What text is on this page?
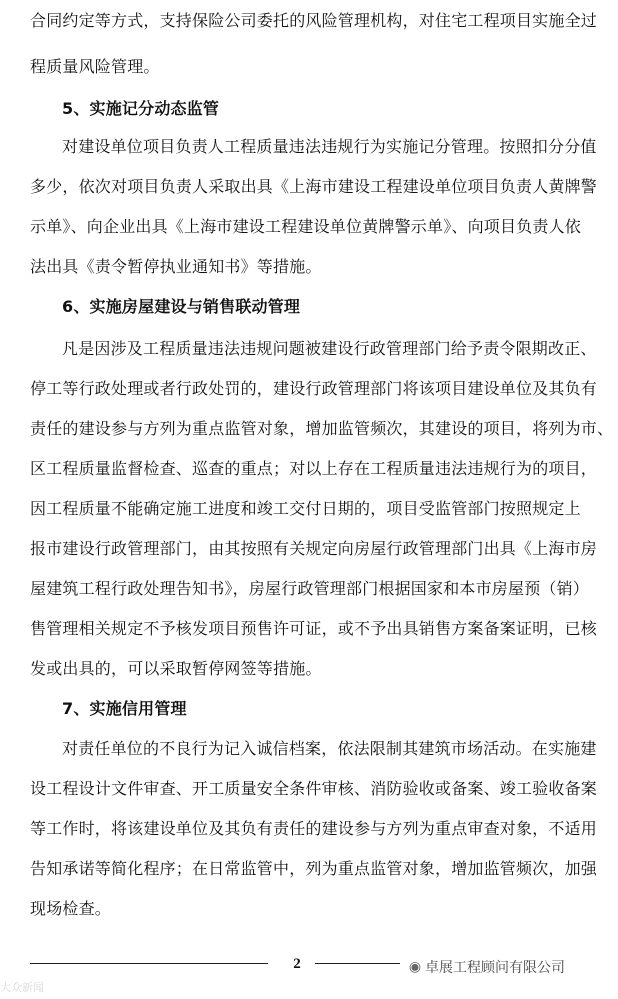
合同约定等方式，支持保险公司委托的风险管理机构，对住宅工程项目实施全过
程质量风险管理。
5、实施记分动态监管
对建设单位项目负责人工程质量违法违规行为实施记分管理。按照扣分分值
多少，依次对项目负责人采取出具《上海市建设工程建设单位项目负责人黄牌警
示单》、向企业出具《上海市建设工程建设单位黄牌警示单》、向项目负责人依
法出具《责令暂停执业通知书》等措施。
6、实施房屋建设与销售联动管理
凡是因涉及工程质量违法违规问题被建设行政管理部门给予责令限期改正、
停工等行政处理或者行政处罚的，建设行政管理部门将该项目建设单位及其负有
责任的建设参与方列为重点监管对象，增加监管频次，其建设的项目，将列为市、
区工程质量监督检查、巡查的重点；对以上存在工程质量违法违规行为的项目，
因工程质量不能确定施工进度和竣工交付日期的，项目受监管部门按照规定上
报市建设行政管理部门，由其按照有关规定向房屋行政管理部门出具《上海市房
屋建筑工程行政处理告知书》，房屋行政管理部门根据国家和本市房屋预（销）
售管理相关规定不予核发项目预售许可证，或不予出具销售方案备案证明，已核
发或出具的，可以采取暂停网签等措施。
7、实施信用管理
对责任单位的不良行为记入诚信档案，依法限制其建筑市场活动。在实施建
设工程设计文件审查、开工质量安全条件审核、消防验收或备案、竣工验收备案
等工作时，将该建设单位及其负有责任的建设参与方列为重点审查对象，不适用
告知承诺等简化程序；在日常监管中，列为重点监管对象，增加监管频次，加强
现场检查。
2	◉ 卓展工程顾问有限公司
大众新闻
